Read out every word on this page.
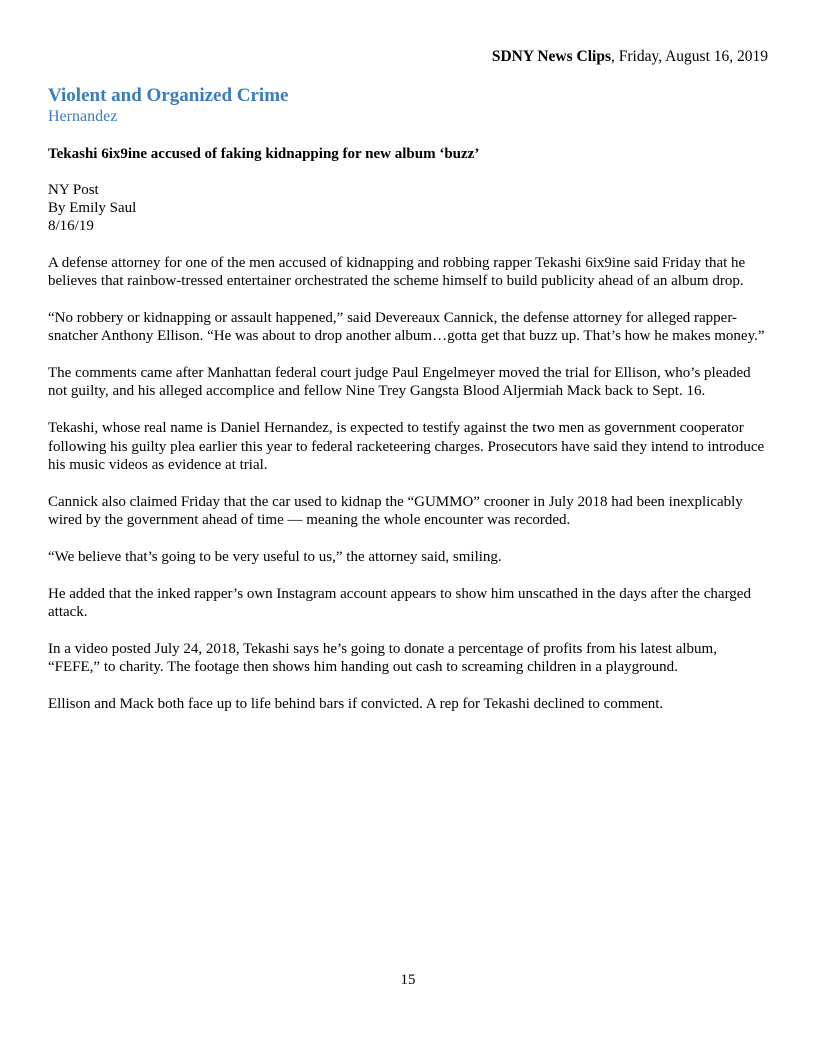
SDNY News Clips, Friday, August 16, 2019
Violent and Organized Crime
Hernandez
Tekashi 6ix9ine accused of faking kidnapping for new album ‘buzz’
NY Post
By Emily Saul
8/16/19

A defense attorney for one of the men accused of kidnapping and robbing rapper Tekashi 6ix9ine said Friday that he believes that rainbow-tressed entertainer orchestrated the scheme himself to build publicity ahead of an album drop.

“No robbery or kidnapping or assault happened,” said Devereaux Cannick, the defense attorney for alleged rapper-snatcher Anthony Ellison. “He was about to drop another album…gotta get that buzz up. That’s how he makes money.”

The comments came after Manhattan federal court judge Paul Engelmeyer moved the trial for Ellison, who’s pleaded not guilty, and his alleged accomplice and fellow Nine Trey Gangsta Blood Aljermiah Mack back to Sept. 16.

Tekashi, whose real name is Daniel Hernandez, is expected to testify against the two men as government cooperator following his guilty plea earlier this year to federal racketeering charges. Prosecutors have said they intend to introduce his music videos as evidence at trial.

Cannick also claimed Friday that the car used to kidnap the “GUMMO” crooner in July 2018 had been inexplicably wired by the government ahead of time — meaning the whole encounter was recorded.

“We believe that’s going to be very useful to us,” the attorney said, smiling.

He added that the inked rapper’s own Instagram account appears to show him unscathed in the days after the charged attack.

In a video posted July 24, 2018, Tekashi says he’s going to donate a percentage of profits from his latest album, “FEFE,” to charity. The footage then shows him handing out cash to screaming children in a playground.

Ellison and Mack both face up to life behind bars if convicted. A rep for Tekashi declined to comment.

15
